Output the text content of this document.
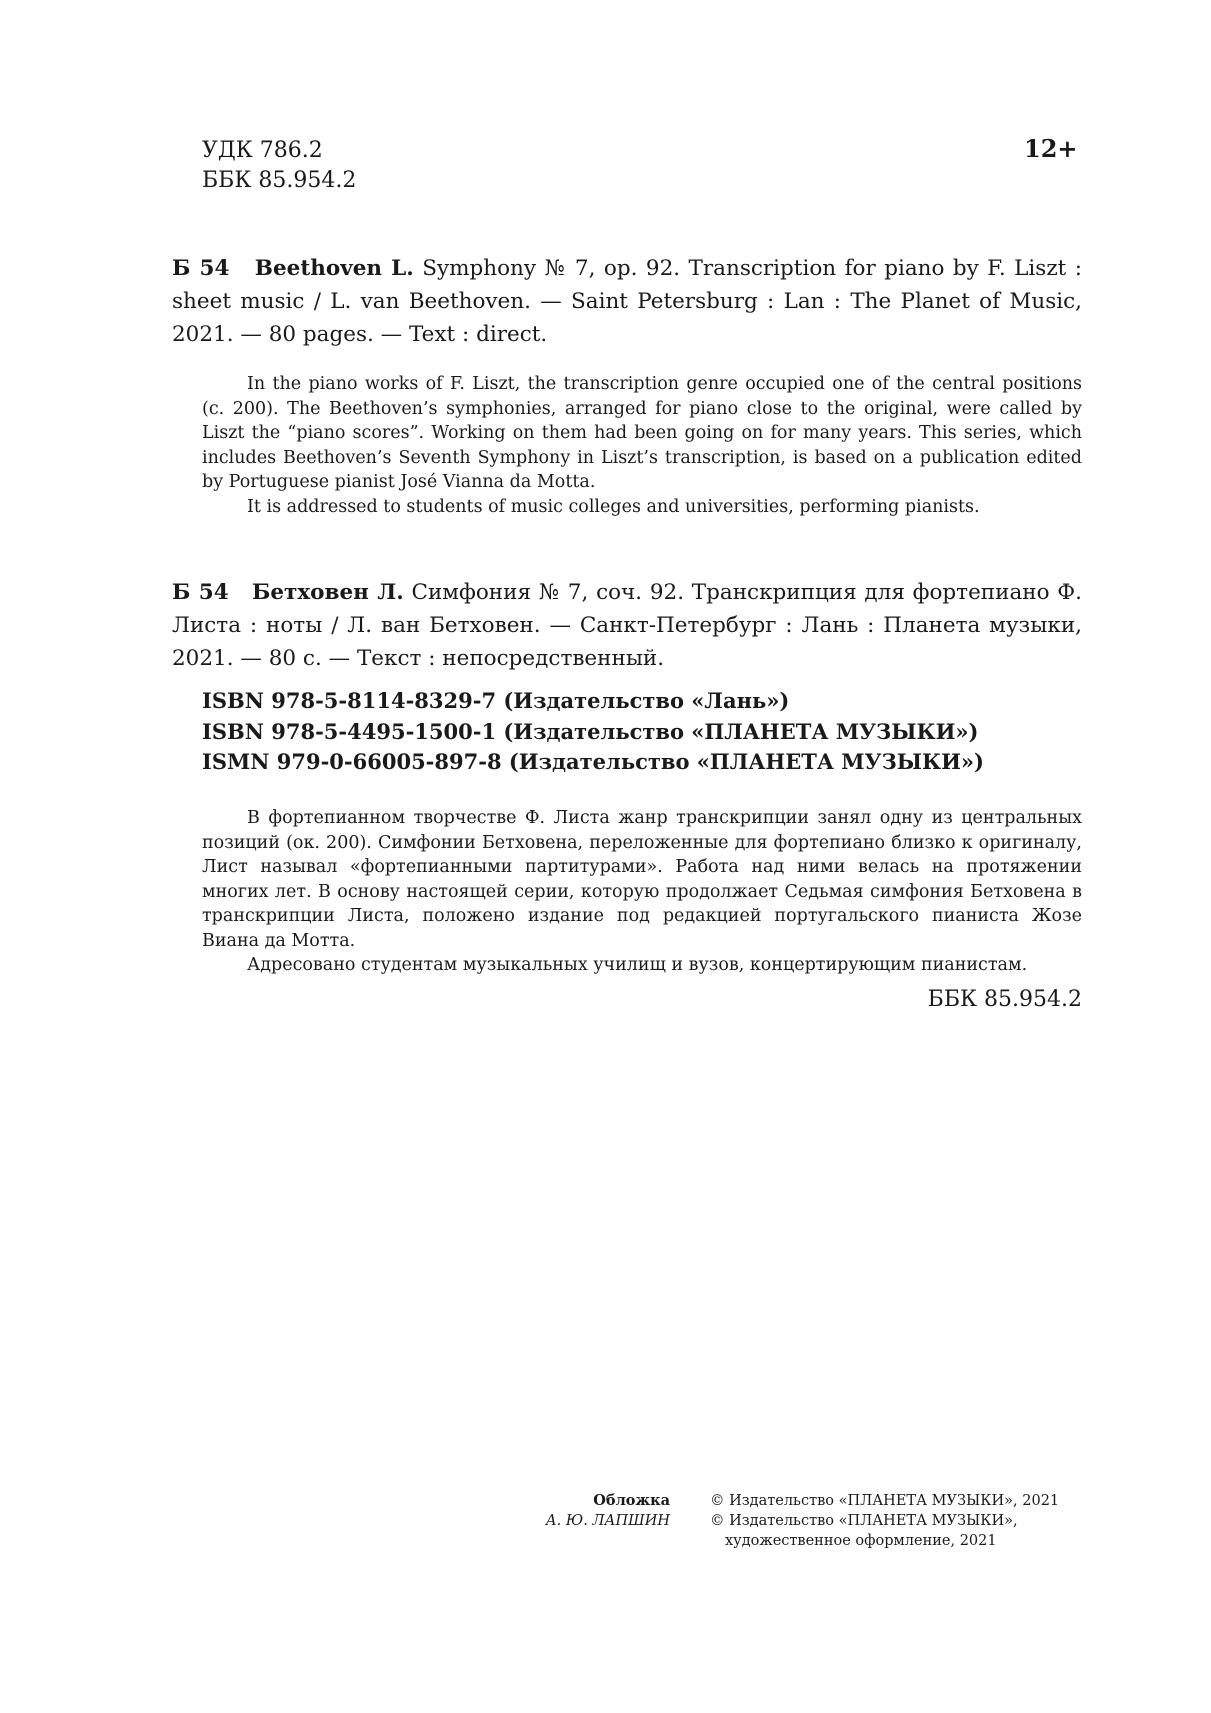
УДК 786.2
ББК 85.954.2
12+
Б 54 Beethoven L. Symphony № 7, op. 92. Transcription for piano by F. Liszt : sheet music / L. van Beethoven. — Saint Petersburg : Lan : The Planet of Music, 2021. — 80 pages. — Text : direct.

In the piano works of F. Liszt, the transcription genre occupied one of the central positions (c. 200). The Beethoven’s symphonies, arranged for piano close to the original, were called by Liszt the “piano scores”. Working on them had been going on for many years. This series, which includes Beethoven’s Seventh Symphony in Liszt’s transcription, is based on a publication edited by Portuguese pianist José Vianna da Motta.

It is addressed to students of music colleges and universities, performing pianists.

Б 54 Бетховен Л. Симфония № 7, соч. 92. Транскрипция для фортепиано Ф. Листа : ноты / Л. ван Бетховен. — Санкт-Петербург : Лань : Планета музыки, 2021. — 80 с. — Текст : непосредственный.
ISBN 978-5-8114-8329-7 (Издательство «Лань»)
ISBN 978-5-4495-1500-1 (Издательство «ПЛАНЕТА МУЗЫКИ»)
ISMN 979-0-66005-897-8 (Издательство «ПЛАНЕТА МУЗЫКИ»)

В фортепианном творчестве Ф. Листа жанр транскрипции занял одну из центральных позиций (ок. 200). Симфонии Бетховена, переложенные для фортепиано близко к оригиналу, Лист называл «фортепианными партитурами». Работа над ними велась на протяжении многих лет. В основу настоящей серии, которую продолжает Седьмая симфония Бетховена в транскрипции Листа, положено издание под редакцией португальского пианиста Жозе Виана да Мотта.

Адресовано студентам музыкальных училищ и вузов, концертирующим пианистам.

ББК 85.954.2
Обложка
А. Ю. ЛАПШИН
© Издательство «ПЛАНЕТА МУЗЫКИ», 2021
© Издательство «ПЛАНЕТА МУЗЫКИ»,
художественное оформление, 2021
